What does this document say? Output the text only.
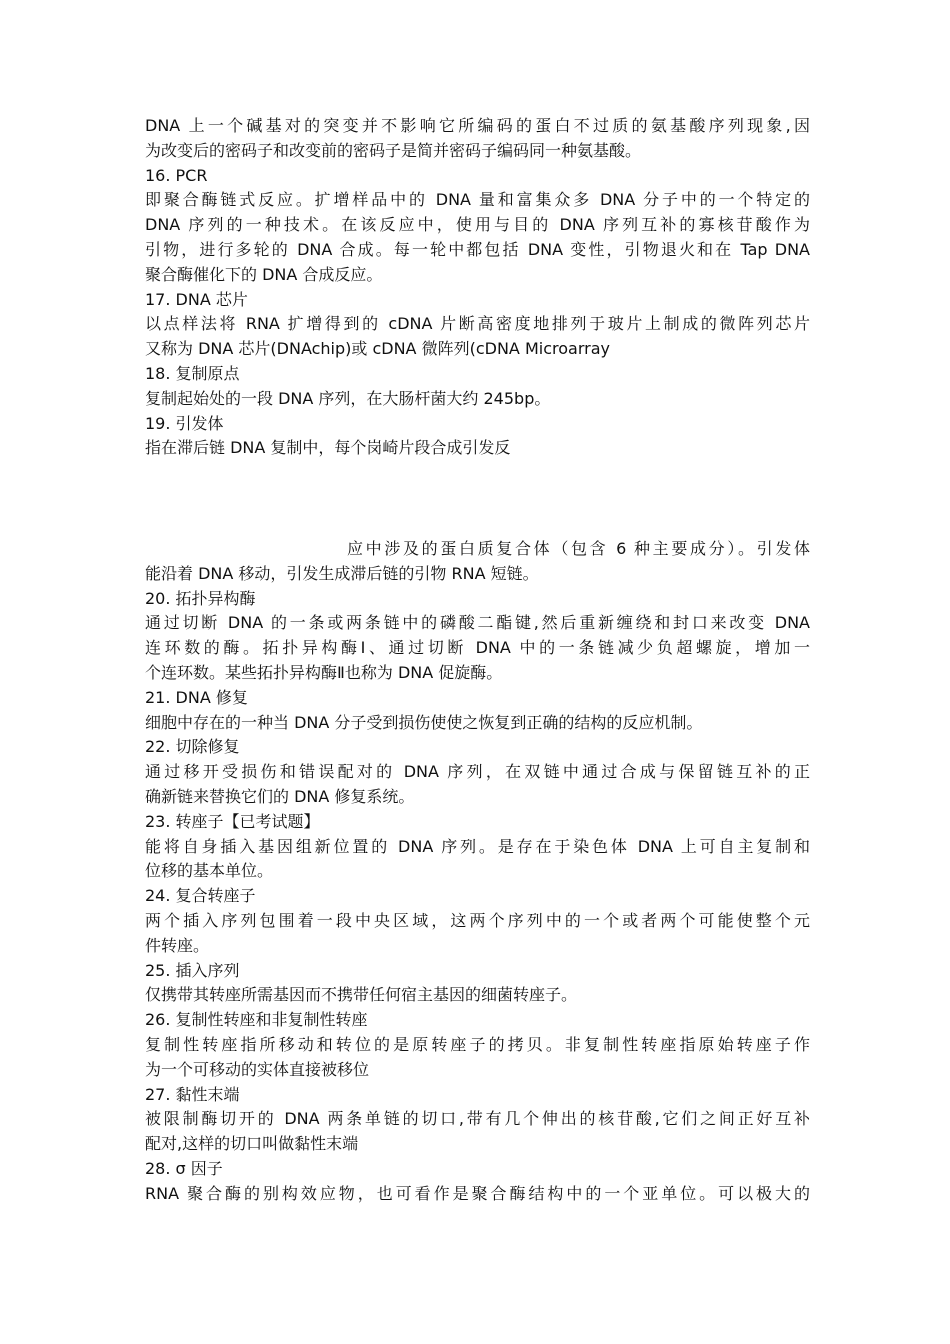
DNA 上一个碱基对的突变并不影响它所编码的蛋白不过质的氨基酸序列现象,因
为改变后的密码子和改变前的密码子是简并密码子编码同一种氨基酸。
16. PCR
即聚合酶链式反应。扩增样品中的 DNA 量和富集众多 DNA 分子中的一个特定的
DNA 序列的一种技术。在该反应中，使用与目的 DNA 序列互补的寡核苷酸作为
引物，进行多轮的 DNA 合成。每一轮中都包括 DNA 变性，引物退火和在 Tap DNA
聚合酶催化下的 DNA 合成反应。
17. DNA 芯片
以点样法将 RNA 扩增得到的 cDNA 片断高密度地排列于玻片上制成的微阵列芯片
又称为 DNA 芯片(DNAchip)或 cDNA 微阵列(cDNA Microarray
18. 复制原点
复制起始处的一段 DNA 序列，在大肠杆菌大约 245bp。
19. 引发体
指在滞后链 DNA 复制中，每个岗崎片段合成引发反
应中涉及的蛋白质复合体（包含 6 种主要成分）。引发体
能沿着 DNA 移动，引发生成滞后链的引物 RNA 短链。
20. 拓扑异构酶
通过切断 DNA 的一条或两条链中的磷酸二酯键,然后重新缠绕和封口来改变 DNA
连环数的酶。拓扑异构酶Ⅰ、通过切断 DNA 中的一条链减少负超螺旋，增加一
个连环数。某些拓扑异构酶Ⅱ也称为 DNA 促旋酶。
21. DNA 修复
细胞中存在的一种当 DNA 分子受到损伤使使之恢复到正确的结构的反应机制。
22. 切除修复
通过移开受损伤和错误配对的 DNA 序列，在双链中通过合成与保留链互补的正
确新链来替换它们的 DNA 修复系统。
23. 转座子【已考试题】
能将自身插入基因组新位置的 DNA 序列。是存在于染色体 DNA 上可自主复制和
位移的基本单位。
24. 复合转座子
两个插入序列包围着一段中央区域，这两个序列中的一个或者两个可能使整个元
件转座。
25. 插入序列
仅携带其转座所需基因而不携带任何宿主基因的细菌转座子。
26. 复制性转座和非复制性转座
复制性转座指所移动和转位的是原转座子的拷贝。非复制性转座指原始转座子作
为一个可移动的实体直接被移位
27. 黏性末端
被限制酶切开的 DNA 两条单链的切口,带有几个伸出的核苷酸,它们之间正好互补
配对,这样的切口叫做黏性末端
28. σ 因子
RNA 聚合酶的别构效应物，也可看作是聚合酶结构中的一个亚单位。可以极大的
